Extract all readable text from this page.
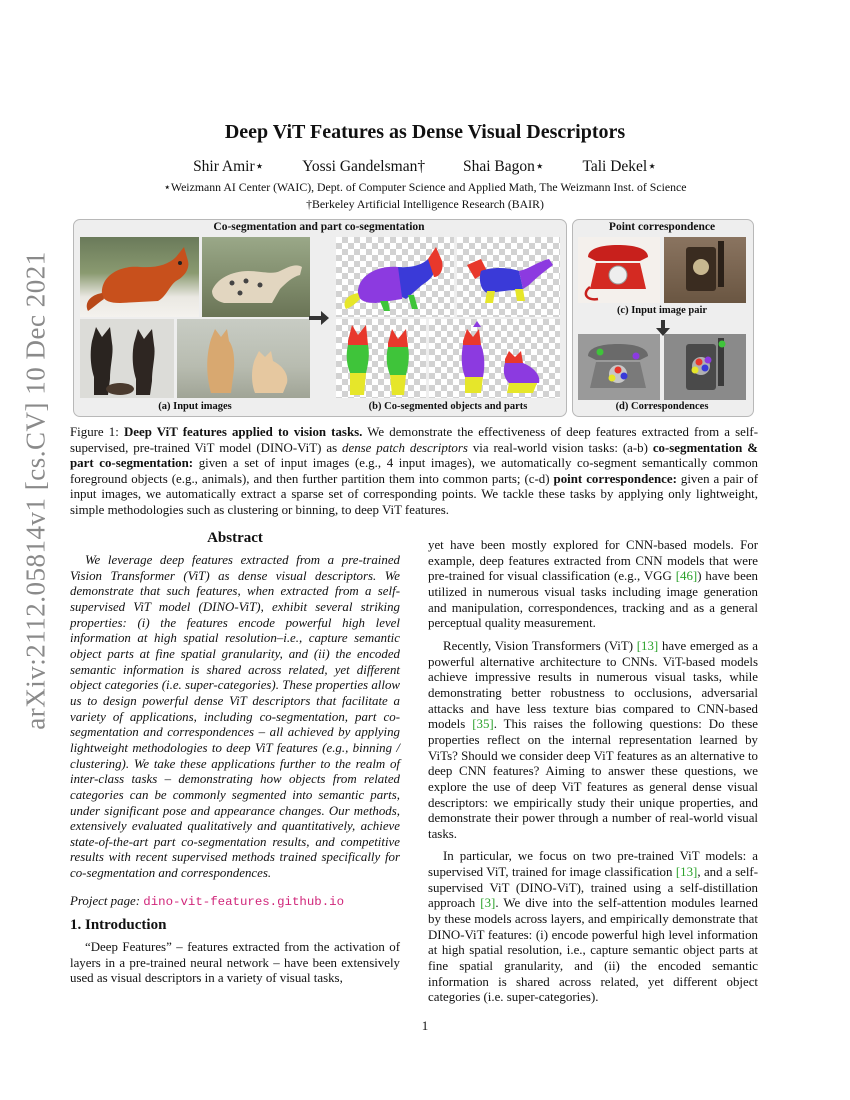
arXiv:2112.05814v1 [cs.CV] 10 Dec 2021
Deep ViT Features as Dense Visual Descriptors
Shir Amir⋆ Yossi Gandelsman† Shai Bagon⋆ Tali Dekel⋆
⋆Weizmann AI Center (WAIC), Dept. of Computer Science and Applied Math, The Weizmann Inst. of Science
†Berkeley Artificial Intelligence Research (BAIR)
Co-segmentation and part co-segmentation
(a) Input images	(b) Co-segmented objects and parts
Point correspondence
(c) Input image pair
(d) Correspondences
Figure 1: Deep ViT features applied to vision tasks. We demonstrate the effectiveness of deep features extracted from a self-supervised, pre-trained ViT model (DINO-ViT) as dense patch descriptors via real-world vision tasks: (a-b) co-segmentation & part co-segmentation: given a set of input images (e.g., 4 input images), we automatically co-segment semantically common foreground objects (e.g., animals), and then further partition them into common parts; (c-d) point correspondence: given a pair of input images, we automatically extract a sparse set of corresponding points. We tackle these tasks by applying only lightweight, simple methodologies such as clustering or binning, to deep ViT features.
Abstract

We leverage deep features extracted from a pre-trained Vision Transformer (ViT) as dense visual descriptors. We demonstrate that such features, when extracted from a self-supervised ViT model (DINO-ViT), exhibit several striking properties: (i) the features encode powerful high level information at high spatial resolution–i.e., capture semantic object parts at fine spatial granularity, and (ii) the encoded semantic information is shared across related, yet different object categories (i.e. super-categories). These properties allow us to design powerful dense ViT descriptors that facilitate a variety of applications, including co-segmentation, part co-segmentation and correspondences – all achieved by applying lightweight methodologies to deep ViT features (e.g., binning / clustering). We take these applications further to the realm of inter-class tasks – demonstrating how objects from related categories can be commonly segmented into semantic parts, under significant pose and appearance changes. Our methods, extensively evaluated qualitatively and quantitatively, achieve state-of-the-art part co-segmentation results, and competitive results with recent supervised methods trained specifically for co-segmentation and correspondences.

Project page: dino-vit-features.github.io
1. Introduction

“Deep Features” – features extracted from the activation of layers in a pre-trained neural network – have been extensively used as visual descriptors in a variety of visual tasks,

yet have been mostly explored for CNN-based models. For example, deep features extracted from CNN models that were pre-trained for visual classification (e.g., VGG [46]) have been utilized in numerous visual tasks including image generation and manipulation, correspondences, tracking and as a general perceptual quality measurement.

Recently, Vision Transformers (ViT) [13] have emerged as a powerful alternative architecture to CNNs. ViT-based models achieve impressive results in numerous visual tasks, while demonstrating better robustness to occlusions, adversarial attacks and have less texture bias compared to CNN-based models [35]. This raises the following questions: Do these properties reflect on the internal representation learned by ViTs? Should we consider deep ViT features as an alternative to deep CNN features? Aiming to answer these questions, we explore the use of deep ViT features as general dense visual descriptors: we empirically study their unique properties, and demonstrate their power through a number of real-world visual tasks.

In particular, we focus on two pre-trained ViT models: a supervised ViT, trained for image classification [13], and a self-supervised ViT (DINO-ViT), trained using a self-distillation approach [3]. We dive into the self-attention modules learned by these models across layers, and empirically demonstrate that DINO-ViT features: (i) encode powerful high level information at high spatial resolution, i.e., capture semantic object parts at fine spatial granularity, and (ii) the encoded semantic information is shared across related, yet different object categories (i.e. super-categories).

1
